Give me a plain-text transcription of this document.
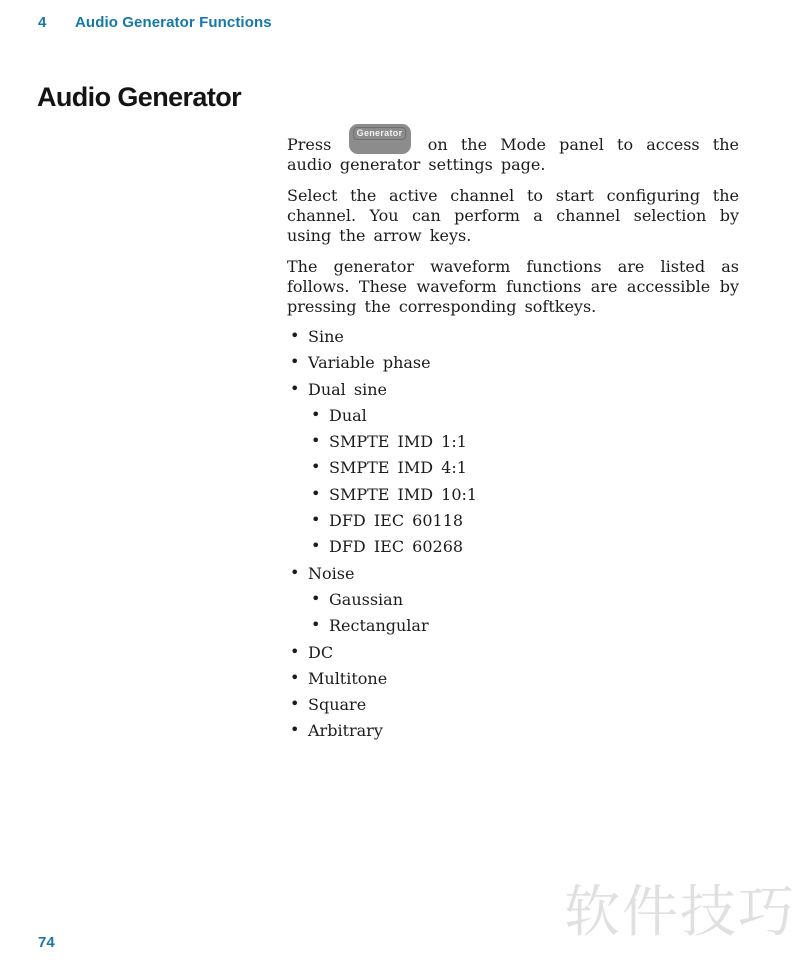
4	Audio Generator Functions
Audio Generator

Press
Generator
on the Mode panel to access the audio generator settings page.

Select the active channel to start configuring the channel. You can perform a channel selection by using the arrow keys.

The generator waveform functions are listed as follows. These waveform functions are accessible by pressing the corresponding softkeys.

• Sine
• Variable phase
• Dual sine
• Dual
• SMPTE IMD 1:1
• SMPTE IMD 4:1
• SMPTE IMD 10:1
• DFD IEC 60118
• DFD IEC 60268
• Noise
• Gaussian
• Rectangular
• DC
• Multitone
• Square
• Arbitrary
74	软件技巧
